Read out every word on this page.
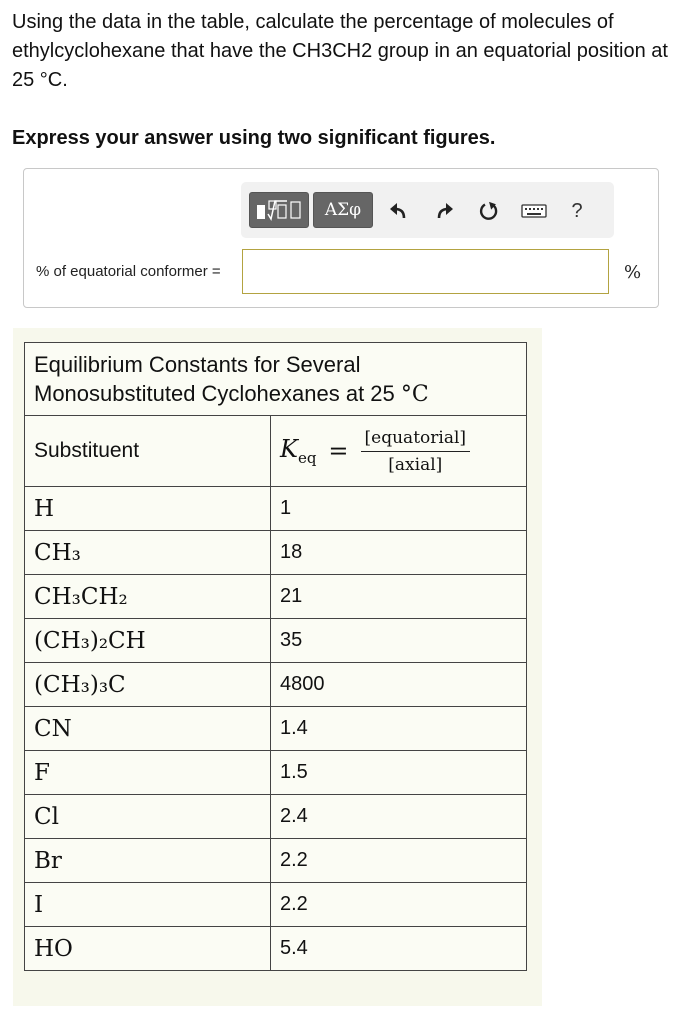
Using the data in the table, calculate the percentage of molecules of ethylcyclohexane that have the CH3CH2 group in an equatorial position at 25 °C.
Express your answer using two significant figures.
ΑΣφ	?
% of equatorial conformer =	%
Equilibrium Constants for Several
Monosubstituted Cyclohexanes at 25 °C	
Substituent	$K_{eq} = \frac{\text{[equatorial]}}{\text{[axial]}}$

H	1
CH₃	18
CH₃CH₂	21
(CH₃)₂CH	35
(CH₃)₃C	4800
CN	1.4
F	1.5
Cl	2.4
Br	2.2
I	2.2
HO	5.4
